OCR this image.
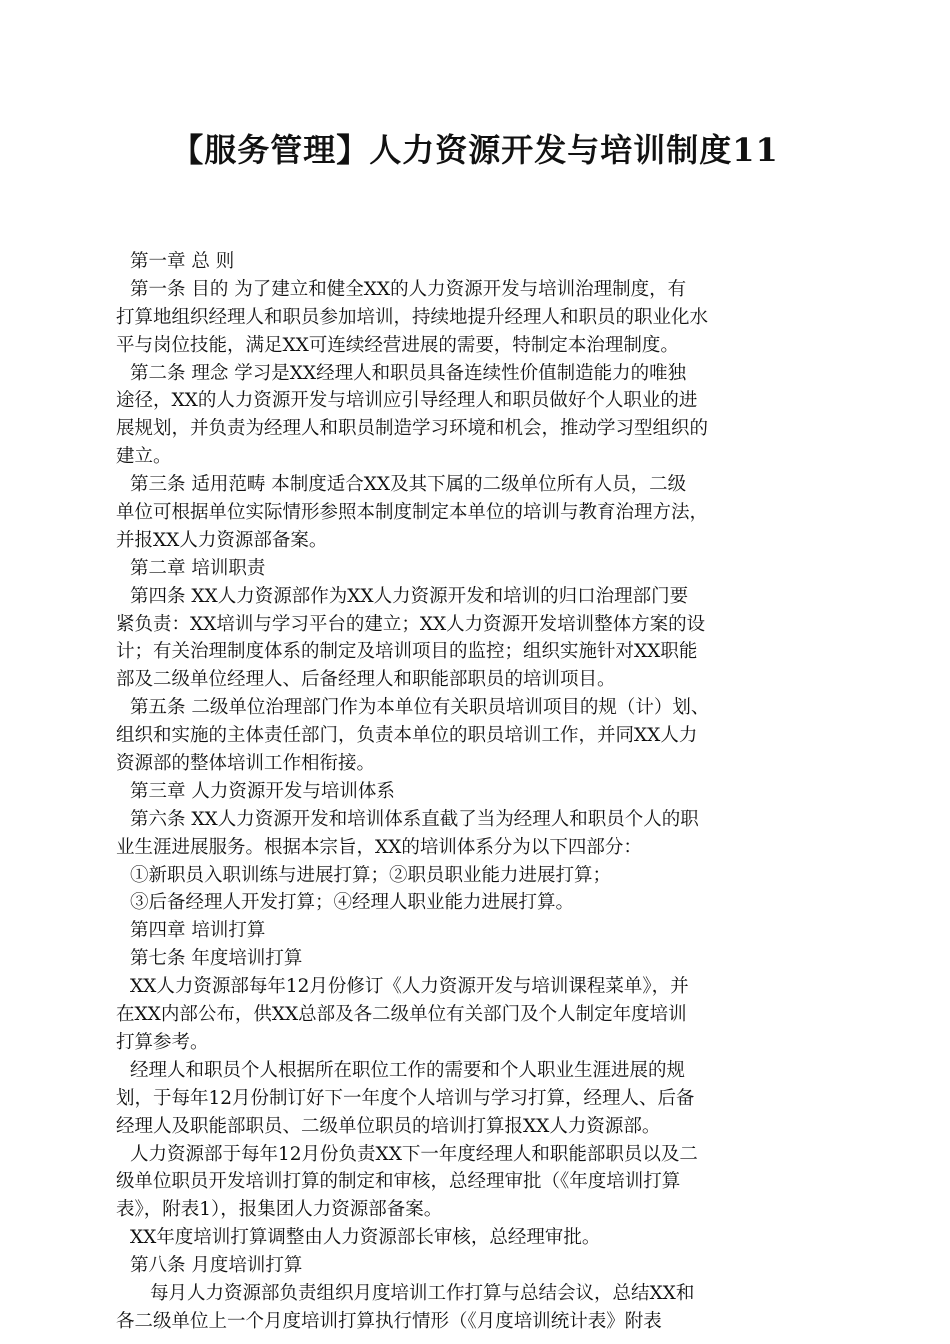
【服务管理】人力资源开发与培训制度11
第一章 总 则
第一条 目的 为了建立和健全XX的人力资源开发与培训治理制度，有
打算地组织经理人和职员参加培训，持续地提升经理人和职员的职业化水
平与岗位技能，满足XX可连续经营进展的需要，特制定本治理制度。
第二条 理念 学习是XX经理人和职员具备连续性价值制造能力的唯独
途径，XX的人力资源开发与培训应引导经理人和职员做好个人职业的进
展规划，并负责为经理人和职员制造学习环境和机会，推动学习型组织的
建立。
第三条 适用范畴 本制度适合XX及其下属的二级单位所有人员，二级
单位可根据单位实际情形参照本制度制定本单位的培训与教育治理方法，
并报XX人力资源部备案。
第二章 培训职责
第四条 XX人力资源部作为XX人力资源开发和培训的归口治理部门要
紧负责：XX培训与学习平台的建立；XX人力资源开发培训整体方案的设
计；有关治理制度体系的制定及培训项目的监控；组织实施针对XX职能
部及二级单位经理人、后备经理人和职能部职员的培训项目。
第五条 二级单位治理部门作为本单位有关职员培训项目的规（计）划、
组织和实施的主体责任部门，负责本单位的职员培训工作，并同XX人力
资源部的整体培训工作相衔接。
第三章 人力资源开发与培训体系
第六条 XX人力资源开发和培训体系直截了当为经理人和职员个人的职
业生涯进展服务。根据本宗旨，XX的培训体系分为以下四部分：
①新职员入职训练与进展打算；②职员职业能力进展打算；
③后备经理人开发打算；④经理人职业能力进展打算。
第四章 培训打算
第七条 年度培训打算
XX人力资源部每年12月份修订《人力资源开发与培训课程菜单》，并
在XX内部公布，供XX总部及各二级单位有关部门及个人制定年度培训
打算参考。
经理人和职员个人根据所在职位工作的需要和个人职业生涯进展的规
划，于每年12月份制订好下一年度个人培训与学习打算，经理人、后备
经理人及职能部职员、二级单位职员的培训打算报XX人力资源部。
人力资源部于每年12月份负责XX下一年度经理人和职能部职员以及二
级单位职员开发培训打算的制定和审核，总经理审批（《年度培训打算
表》，附表1），报集团人力资源部备案。
XX年度培训打算调整由人力资源部长审核，总经理审批。
第八条 月度培训打算
每月人力资源部负责组织月度培训工作打算与总结会议，总结XX和
各二级单位上一个月度培训打算执行情形（《月度培训统计表》附表
